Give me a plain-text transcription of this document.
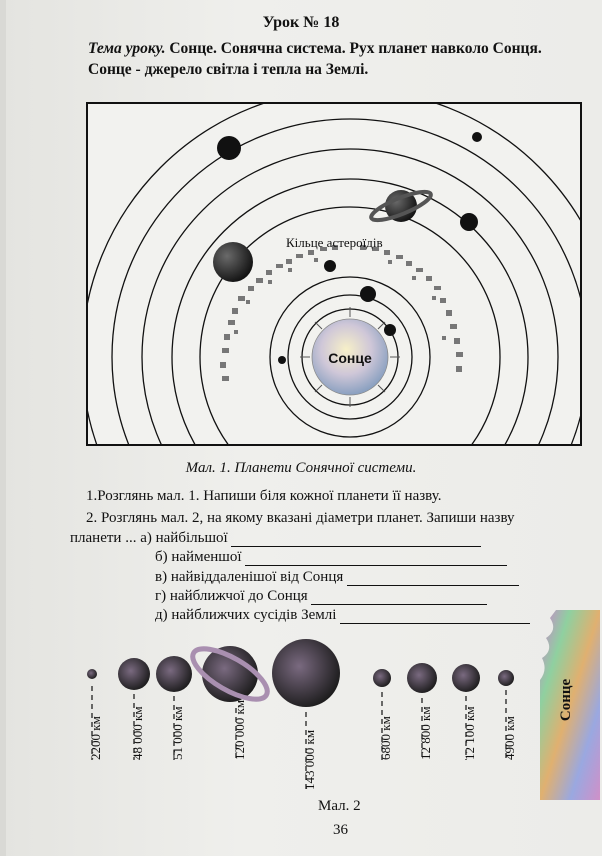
Урок № 18
Тема уроку. Сонце. Сонячна система. Рух планет навколо Сонця. Сонце - джерело світла і тепла на Землі.
Кільце астероїдів
Сонце
Мал. 1. Планети Сонячної системи.
1.Розглянь мал. 1. Напиши біля кожної планети її назву.
2. Розглянь мал. 2, на якому вказані діаметри планет. Запиши назву
планети ... а) найбільшої
б) найменшої
в) найвіддаленішої від Сонця
г) найближчої до Сонця
д) найближчих сусідів Землі
Сонце
2200 км 48 000 км 51 000 км	120 000 км	143 000 км	6800 км 12 800 км 12 100 км 4900 км
Мал. 2
36
